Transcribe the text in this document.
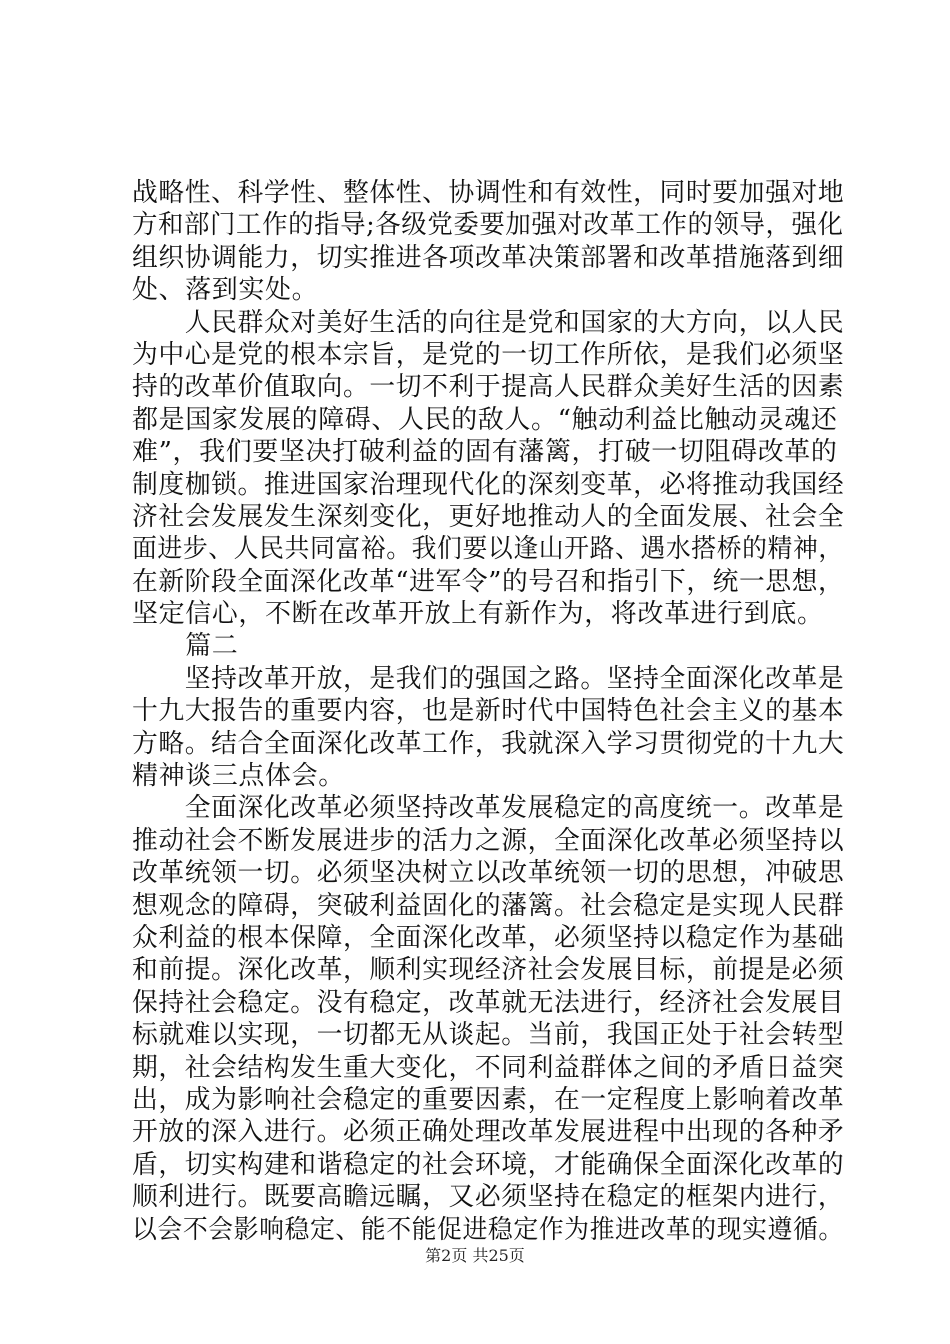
战略性、科学性、整体性、协调性和有效性，同时要加强对地
方和部门工作的指导;各级党委要加强对改革工作的领导，强化
组织协调能力，切实推进各项改革决策部署和改革措施落到细
处、落到实处。
　　人民群众对美好生活的向往是党和国家的大方向，以人民
为中心是党的根本宗旨，是党的一切工作所依，是我们必须坚
持的改革价值取向。一切不利于提高人民群众美好生活的因素
都是国家发展的障碍、人民的敌人。“触动利益比触动灵魂还
难”，我们要坚决打破利益的固有藩篱，打破一切阻碍改革的
制度枷锁。推进国家治理现代化的深刻变革，必将推动我国经
济社会发展发生深刻变化，更好地推动人的全面发展、社会全
面进步、人民共同富裕。我们要以逢山开路、遇水搭桥的精神，
在新阶段全面深化改革“进军令”的号召和指引下，统一思想，
坚定信心，不断在改革开放上有新作为，将改革进行到底。
　　篇二
　　坚持改革开放，是我们的强国之路。坚持全面深化改革是
十九大报告的重要内容，也是新时代中国特色社会主义的基本
方略。结合全面深化改革工作，我就深入学习贯彻党的十九大
精神谈三点体会。
　　全面深化改革必须坚持改革发展稳定的高度统一。改革是
推动社会不断发展进步的活力之源，全面深化改革必须坚持以
改革统领一切。必须坚决树立以改革统领一切的思想，冲破思
想观念的障碍，突破利益固化的藩篱。社会稳定是实现人民群
众利益的根本保障，全面深化改革，必须坚持以稳定作为基础
和前提。深化改革，顺利实现经济社会发展目标，前提是必须
保持社会稳定。没有稳定，改革就无法进行，经济社会发展目
标就难以实现，一切都无从谈起。当前，我国正处于社会转型
期，社会结构发生重大变化，不同利益群体之间的矛盾日益突
出，成为影响社会稳定的重要因素，在一定程度上影响着改革
开放的深入进行。必须正确处理改革发展进程中出现的各种矛
盾，切实构建和谐稳定的社会环境，才能确保全面深化改革的
顺利进行。既要高瞻远瞩，又必须坚持在稳定的框架内进行，
以会不会影响稳定、能不能促进稳定作为推进改革的现实遵循。
第2页 共25页
